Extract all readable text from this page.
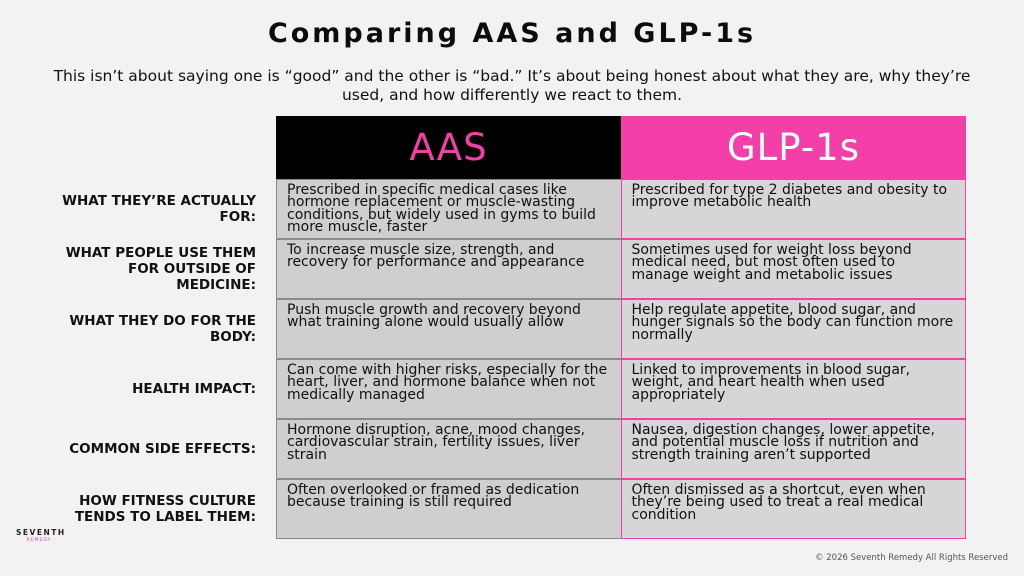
Comparing AAS and GLP-1s

This isn’t about saying one is “good” and the other is “bad.” It’s about being honest about what they are, why they’re used, and how differently we react to them.

WHAT THEY’RE ACTUALLY FOR:
WHAT PEOPLE USE THEM FOR OUTSIDE OF MEDICINE:
WHAT THEY DO FOR THE BODY:
HEALTH IMPACT:
COMMON SIDE EFFECTS:
HOW FITNESS CULTURE TENDS TO LABEL THEM:
AAS	GLP-1s
Prescribed in specific medical cases like hormone replacement or muscle-wasting conditions, but widely used in gyms to build more muscle, faster
Prescribed for type 2 diabetes and obesity to improve metabolic health
To increase muscle size, strength, and recovery for performance and appearance
Sometimes used for weight loss beyond medical need, but most often used to manage weight and metabolic issues
Push muscle growth and recovery beyond what training alone would usually allow
Help regulate appetite, blood sugar, and hunger signals so the body can function more normally
Can come with higher risks, especially for the heart, liver, and hormone balance when not medically managed
Linked to improvements in blood sugar, weight, and heart health when used appropriately
Hormone disruption, acne, mood changes, cardiovascular strain, fertility issues, liver strain
Nausea, digestion changes, lower appetite, and potential muscle loss if nutrition and strength training aren’t supported
Often overlooked or framed as dedication because training is still required
Often dismissed as a shortcut, even when they’re being used to treat a real medical condition
SEVENTH
REMEDY
© 2026 Seventh Remedy All Rights Reserved
